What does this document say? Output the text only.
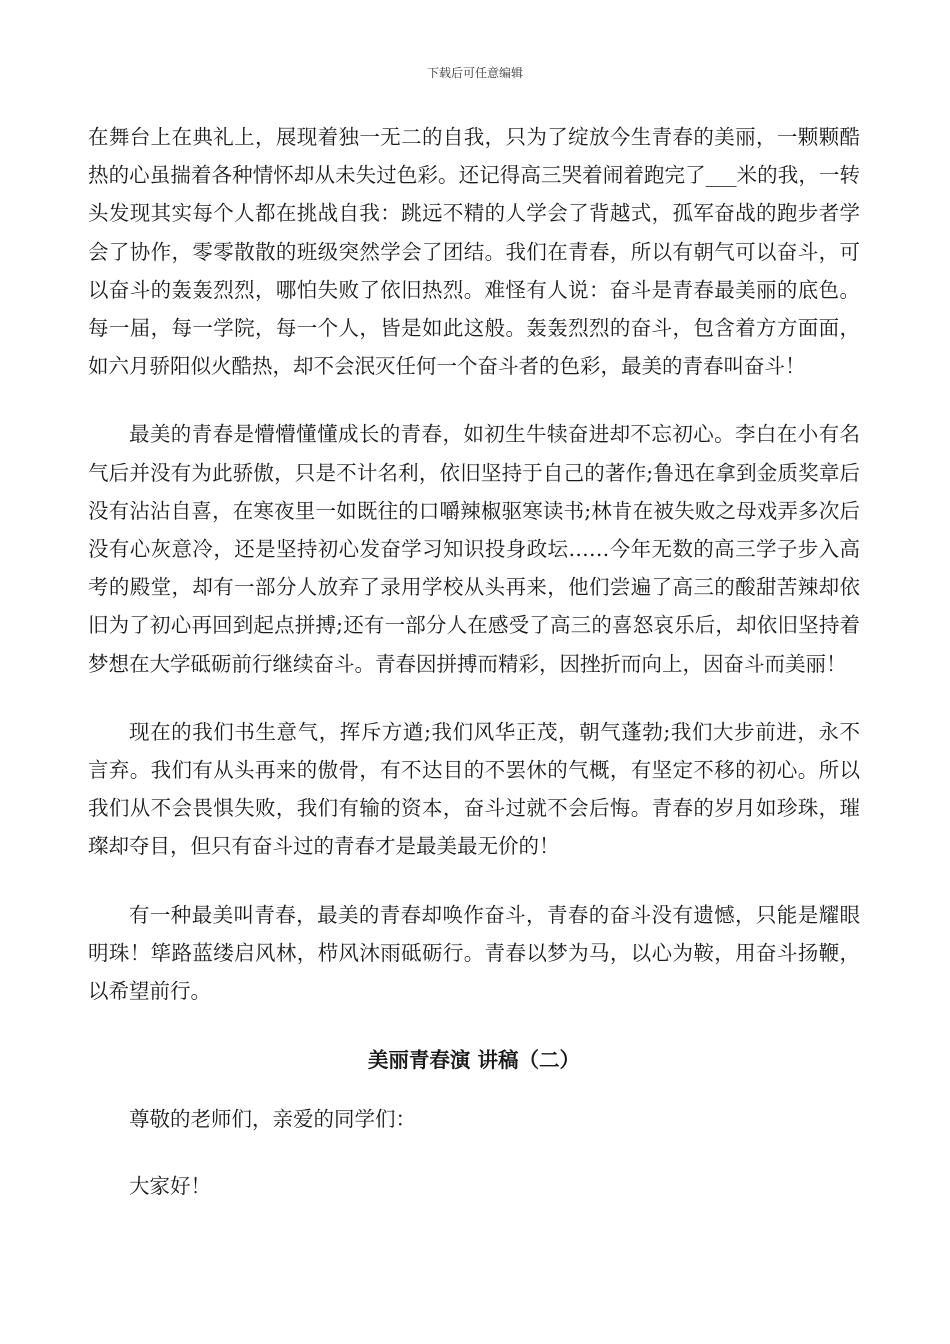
下载后可任意编辑

在舞台上在典礼上，展现着独一无二的自我，只为了绽放今生青春的美丽，一颗颗酷热的心虽揣着各种情怀却从未失过色彩。还记得高三哭着闹着跑完了___米的我，一转头发现其实每个人都在挑战自我：跳远不精的人学会了背越式，孤军奋战的跑步者学会了协作，零零散散的班级突然学会了团结。我们在青春，所以有朝气可以奋斗，可以奋斗的轰轰烈烈，哪怕失败了依旧热烈。难怪有人说：奋斗是青春最美丽的底色。每一届，每一学院，每一个人，皆是如此这般。轰轰烈烈的奋斗，包含着方方面面，如六月骄阳似火酷热，却不会泯灭任何一个奋斗者的色彩，最美的青春叫奋斗！

最美的青春是懵懵懂懂成长的青春，如初生牛犊奋进却不忘初心。李白在小有名气后并没有为此骄傲，只是不计名利，依旧坚持于自己的著作;鲁迅在拿到金质奖章后没有沾沾自喜，在寒夜里一如既往的口嚼辣椒驱寒读书;林肯在被失败之母戏弄多次后没有心灰意冷，还是坚持初心发奋学习知识投身政坛……今年无数的高三学子步入高考的殿堂，却有一部分人放弃了录用学校从头再来，他们尝遍了高三的酸甜苦辣却依旧为了初心再回到起点拼搏;还有一部分人在感受了高三的喜怒哀乐后，却依旧坚持着梦想在大学砥砺前行继续奋斗。青春因拼搏而精彩，因挫折而向上，因奋斗而美丽！

现在的我们书生意气，挥斥方遒;我们风华正茂，朝气蓬勃;我们大步前进，永不言弃。我们有从头再来的傲骨，有不达目的不罢休的气概，有坚定不移的初心。所以我们从不会畏惧失败，我们有输的资本，奋斗过就不会后悔。青春的岁月如珍珠，璀璨却夺目，但只有奋斗过的青春才是最美最无价的！

有一种最美叫青春，最美的青春却唤作奋斗，青春的奋斗没有遗憾，只能是耀眼明珠！筚路蓝缕启风林，栉风沐雨砥砺行。青春以梦为马，以心为鞍，用奋斗扬鞭，以希望前行。

美丽青春演 讲稿（二）

尊敬的老师们，亲爱的同学们：

大家好！
